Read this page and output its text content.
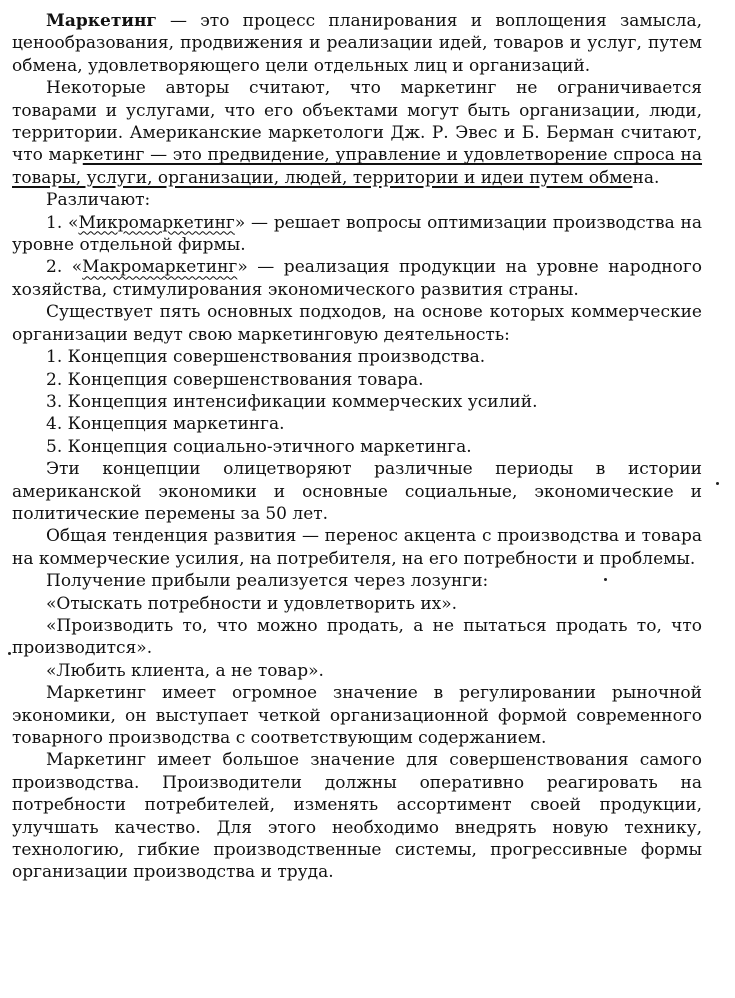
Маркетинг — это процесс планирования и воплощения замысла, ценообразования, продвижения и реализации идей, товаров и услуг, путем обмена, удовлетворяющего цели отдельных лиц и организаций.

Некоторые авторы считают, что маркетинг не ограничивается товарами и услугами, что его объектами могут быть организации, люди, территории. Американские маркетологи Дж. Р. Эвес и Б. Берман считают, что маркетинг — это предвидение, управление и удовлетворение спроса на товары, услуги, организации, людей, территории и идеи путем обмена.

Различают:

1. «Микромаркетинг» — решает вопросы оптимизации производства на уровне отдельной фирмы.

2. «Макромаркетинг» — реализация продукции на уровне народного хозяйства, стимулирования экономического развития страны.

Существует пять основных подходов, на основе которых коммерческие организации ведут свою маркетинговую деятельность:

1. Концепция совершенствования производства.

2. Концепция совершенствования товара.

3. Концепция интенсификации коммерческих усилий.

4. Концепция маркетинга.

5. Концепция социально-этичного маркетинга.

Эти концепции олицетворяют различные периоды в истории американской экономики и основные социальные, экономические и политические перемены за 50 лет.

Общая тенденция развития — перенос акцента с производства и товара на коммерческие усилия, на потребителя, на его потребности и проблемы.

Получение прибыли реализуется через лозунги:

«Отыскать потребности и удовлетворить их».

«Производить то, что можно продать, а не пытаться продать то, что производится».

«Любить клиента, а не товар».

Маркетинг имеет огромное значение в регулировании рыночной экономики, он выступает четкой организационной формой современного товарного производства с соответствующим содержанием.

Маркетинг имеет большое значение для совершенствования самого производства. Производители должны оперативно реагировать на потребности потребителей, изменять ассортимент своей продукции, улучшать качество. Для этого необходимо внедрять новую технику, технологию, гибкие производственные системы, прогрессивные формы организации производства и труда.
